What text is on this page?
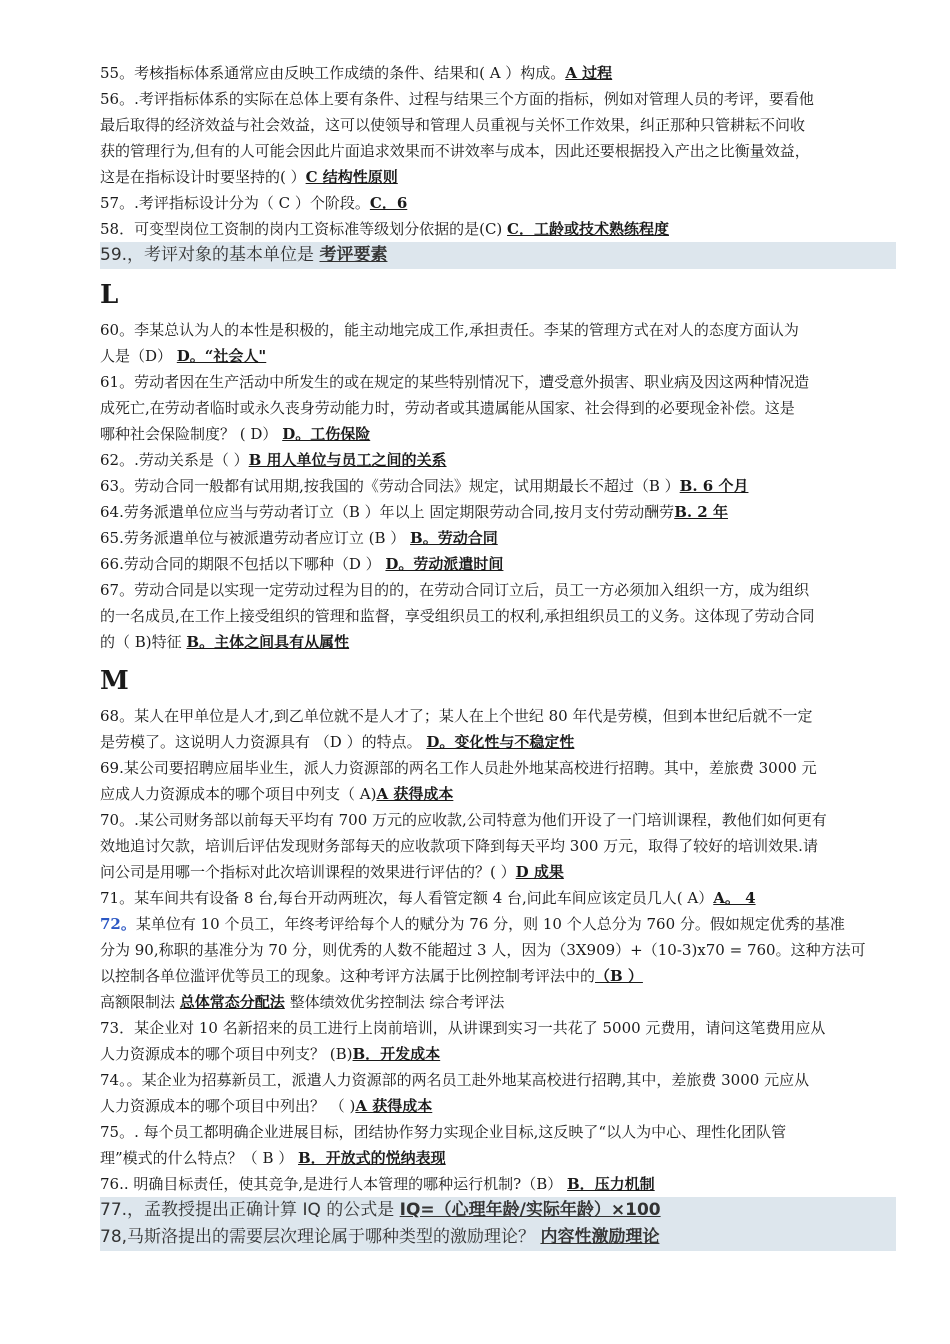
55。考核指标体系通常应由反映工作成绩的条件、结果和( A ）构成。A 过程
56。.考评指标体系的实际在总体上要有条件、过程与结果三个方面的指标，例如对管理人员的考评，要看他
最后取得的经济效益与社会效益，这可以使领导和管理人员重视与关怀工作效果，纠正那种只管耕耘不问收
获的管理行为,但有的人可能会因此片面追求效果而不讲效率与成本，因此还要根据投入产出之比衡量效益，
这是在指标设计时要坚持的( ）C 结构性原则
57。.考评指标设计分为（ C ）个阶段。C．6
58．可变型岗位工资制的岗内工资标准等级划分依据的是(C) C．工龄或技术熟练程度
59.，考评对象的基本单位是 考评要素
L
60。李某总认为人的本性是积极的，能主动地完成工作,承担责任。李某的管理方式在对人的态度方面认为
人是（D） D。“社会人"
61。劳动者因在生产活动中所发生的或在规定的某些特别情况下，遭受意外损害、职业病及因这两种情况造
成死亡,在劳动者临时或永久丧身劳动能力时，劳动者或其遗属能从国家、社会得到的必要现金补偿。这是
哪种社会保险制度？ ( D） D。工伤保险
62。.劳动关系是（ ）B 用人单位与员工之间的关系
63。劳动合同一般都有试用期,按我国的《劳动合同法》规定，试用期最长不超过（B ）B. 6 个月
64.劳务派遣单位应当与劳动者订立（B ）年以上 固定期限劳动合同,按月支付劳动酬劳B. 2 年
65.劳务派遣单位与被派遣劳动者应订立 (B ） B。劳动合同
66.劳动合同的期限不包括以下哪种（D ） D。劳动派遣时间
67。劳动合同是以实现一定劳动过程为目的的，在劳动合同订立后，员工一方必须加入组织一方，成为组织
的一名成员,在工作上接受组织的管理和监督，享受组织员工的权利,承担组织员工的义务。这体现了劳动合同
的（ B)特征 B。主体之间具有从属性
M
68。某人在甲单位是人才,到乙单位就不是人才了；某人在上个世纪 80 年代是劳模，但到本世纪后就不一定
是劳模了。这说明人力资源具有 （D ）的特点。 D。变化性与不稳定性
69.某公司要招聘应届毕业生，派人力资源部的两名工作人员赴外地某高校进行招聘。其中，差旅费 3000 元
应成人力资源成本的哪个项目中列支（ A)A 获得成本
70。.某公司财务部以前每天平均有 700 万元的应收款,公司特意为他们开设了一门培训课程，教他们如何更有
效地追讨欠款，培训后评估发现财务部每天的应收款项下降到每天平均 300 万元，取得了较好的培训效果.请
问公司是用哪一个指标对此次培训课程的效果进行评估的？( ）D 成果
71。某车间共有设备 8 台,每台开动两班次，每人看管定额 4 台,问此车间应该定员几人( A）A。 4
72。某单位有 10 个员工，年终考评给每个人的赋分为 76 分，则 10 个人总分为 760 分。假如规定优秀的基准
分为 90,称职的基准分为 70 分，则优秀的人数不能超过 3 人，因为（3X909）+（10-3)x70 = 760。这种方法可
以控制各单位滥评优等员工的现象。这种考评方法属于比例控制考评法中的（B ）
高额限制法 总体常态分配法 整体绩效优劣控制法 综合考评法
73．某企业对 10 名新招来的员工进行上岗前培训，从讲课到实习一共花了 5000 元费用，请问这笔费用应从
人力资源成本的哪个项目中列支？ (B)B．开发成本
74。。某企业为招募新员工，派遣人力资源部的两名员工赴外地某高校进行招聘,其中，差旅费 3000 元应从
人力资源成本的哪个项目中列出？ （ )A 获得成本
75。. 每个员工都明确企业进展目标，团结协作努力实现企业目标,这反映了“以人为中心、理性化团队管
理”模式的什么特点？（ B ） B．开放式的悦纳表现
76.. 明确目标责任，使其竞争,是进行人本管理的哪种运行机制?（B） B．压力机制
77.，孟教授提出正确计算 IQ 的公式是 IQ=（心理年龄/实际年龄）×100
78,马斯洛提出的需要层次理论属于哪种类型的激励理论？ 内容性激励理论
